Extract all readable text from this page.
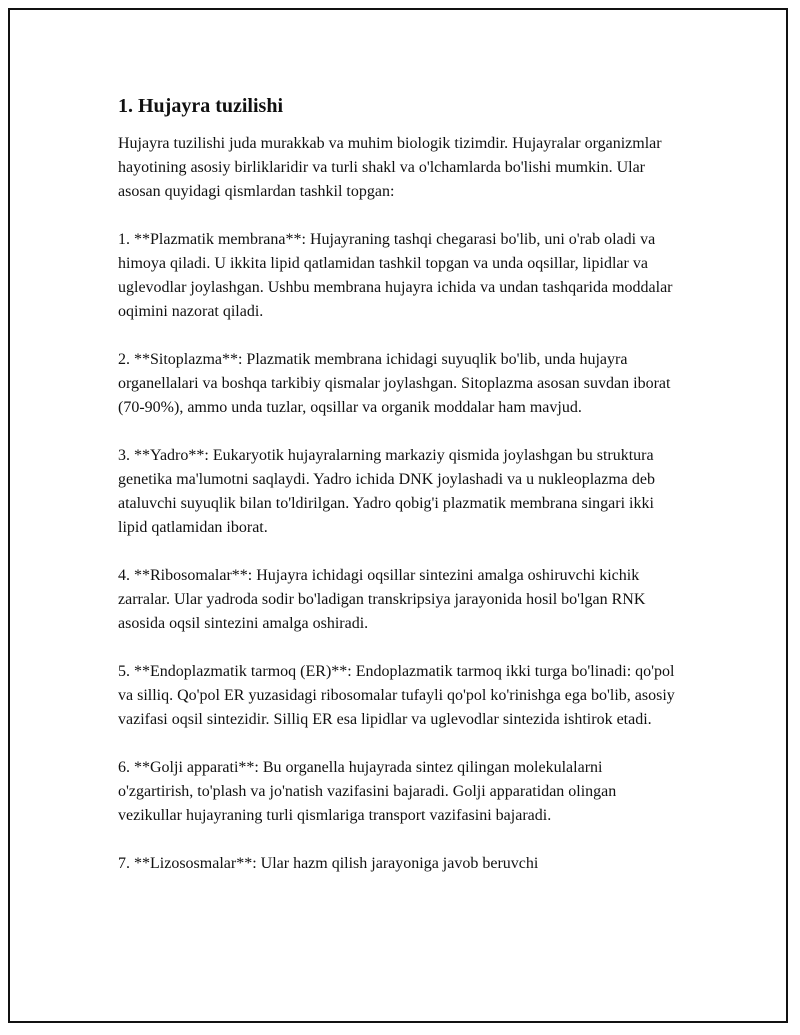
1. Hujayra tuzilishi

Hujayra tuzilishi juda murakkab va muhim biologik tizimdir. Hujayralar organizmlar hayotining asosiy birliklaridir va turli shakl va o'lchamlarda bo'lishi mumkin. Ular asosan quyidagi qismlardan tashkil topgan:

1. **Plazmatik membrana**: Hujayraning tashqi chegarasi bo'lib, uni o'rab oladi va himoya qiladi. U ikkita lipid qatlamidan tashkil topgan va unda oqsillar, lipidlar va uglevodlar joylashgan. Ushbu membrana hujayra ichida va undan tashqarida moddalar oqimini nazorat qiladi.

2. **Sitoplazma**: Plazmatik membrana ichidagi suyuqlik bo'lib, unda hujayra organellalari va boshqa tarkibiy qismalar joylashgan. Sitoplazma asosan suvdan iborat (70-90%), ammo unda tuzlar, oqsillar va organik moddalar ham mavjud.

3. **Yadro**: Eukaryotik hujayralarning markaziy qismida joylashgan bu struktura genetika ma'lumotni saqlaydi. Yadro ichida DNK joylashadi va u nukleoplazma deb ataluvchi suyuqlik bilan to'ldirilgan. Yadro qobig'i plazmatik membrana singari ikki lipid qatlamidan iborat.

4. **Ribosomalar**: Hujayra ichidagi oqsillar sintezini amalga oshiruvchi kichik zarralar. Ular yadroda sodir bo'ladigan transkripsiya jarayonida hosil bo'lgan RNK asosida oqsil sintezini amalga oshiradi.

5. **Endoplazmatik tarmoq (ER)**: Endoplazmatik tarmoq ikki turga bo'linadi: qo'pol va silliq. Qo'pol ER yuzasidagi ribosomalar tufayli qo'pol ko'rinishga ega bo'lib, asosiy vazifasi oqsil sintezidir. Silliq ER esa lipidlar va uglevodlar sintezida ishtirok etadi.

6. **Golji apparati**: Bu organella hujayrada sintez qilingan molekulalarni o'zgartirish, to'plash va jo'natish vazifasini bajaradi. Golji apparatidan olingan vezikullar hujayraning turli qismlariga transport vazifasini bajaradi.

7. **Lizososmalar**: Ular hazm qilish jarayoniga javob beruvchi
